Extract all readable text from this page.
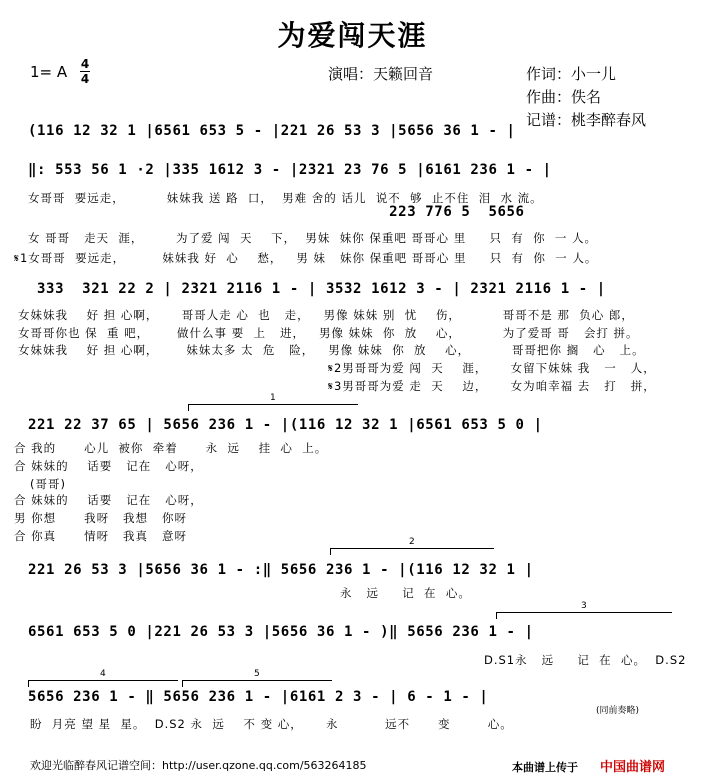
为爱闯天涯
1= A 4
4	演唱：天籁回音	作词：小一儿
作曲：佚名
记谱：桃李醉春风
(116 12 32 1 |6561 653 5 - |221 26 53 3 |5656 36 1 - |
‖: 553 56 1 ·2 |335 1612 3 - |2321 23 76 5 |6161 236 1 - |
223 776 5  5656
333  321 22 2 | 2321 2116 1 - | 3532 1612 3 - | 2321 2116 1 - |
221 22 37 65 | 5656 236 1 - |(116 12 32 1 |6561 653 5 0 |
221 26 53 3 |5656 36 1 - :‖ 5656 236 1 - |(116 12 32 1 |
6561 653 5 0 |221 26 53 3 |5656 36 1 - )‖ 5656 236 1 - |
5656 236 1 - ‖ 5656 236 1 - |6161 2 3 - | 6 - 1 - |
女哥哥  要远走，         妹妹我 送 路  口，  男难 舍的 话儿  说不  够  止不住  泪  水 流。
女 哥哥   走天  涯，       为了爱 闯  天    下，  男妹  妹你 保重吧 哥哥心 里     只  有  你  一 人。
𝄋1女哥哥  要远走，        妹妹我 好  心    愁，   男 妹   妹你 保重吧 哥哥心 里     只  有  你  一 人。
女妹妹我    好 担 心啊，     哥哥人走 心  也   走，   男像 妹妹 别  忧    伤，         哥哥不是 那  负心 郎，
女哥哥你也 保  重 吧，      做什么事 要  上   进，   男像 妹妹  你  放    心，         为了爱哥 哥   会打 拼。
女妹妹我    好 担 心啊，      妹妹太多 太  危   险，   男像 妹妹  你  放    心，         哥哥把你 搁   心   上。
𝄋2男哥哥为爱 闯  天    涯，     女留下妹妹 我   一   人，
𝄋3男哥哥为爱 走  天    边，     女为咱幸福 去   打   拼，
合 我的      心儿  被你  牵着      永  远    挂  心  上。
合 妹妹的    话要   记在   心呀，
(哥哥)
合 妹妹的    话要   记在   心呀，
男 你想      我呀   我想   你呀
合 你真      情呀   我真   意呀
永   远     记  在  心。
D.S1永   远     记  在  心。  D.S2
盼  月亮 望 星  星。  D.S2 永  远    不 变 心，     永          远不      变        心。
1
2
3
4	5
(同前奏略)
欢迎光临醉春风记谱空间：http://user.qzone.qq.com/563264185	本曲谱上传于 中国曲谱网
